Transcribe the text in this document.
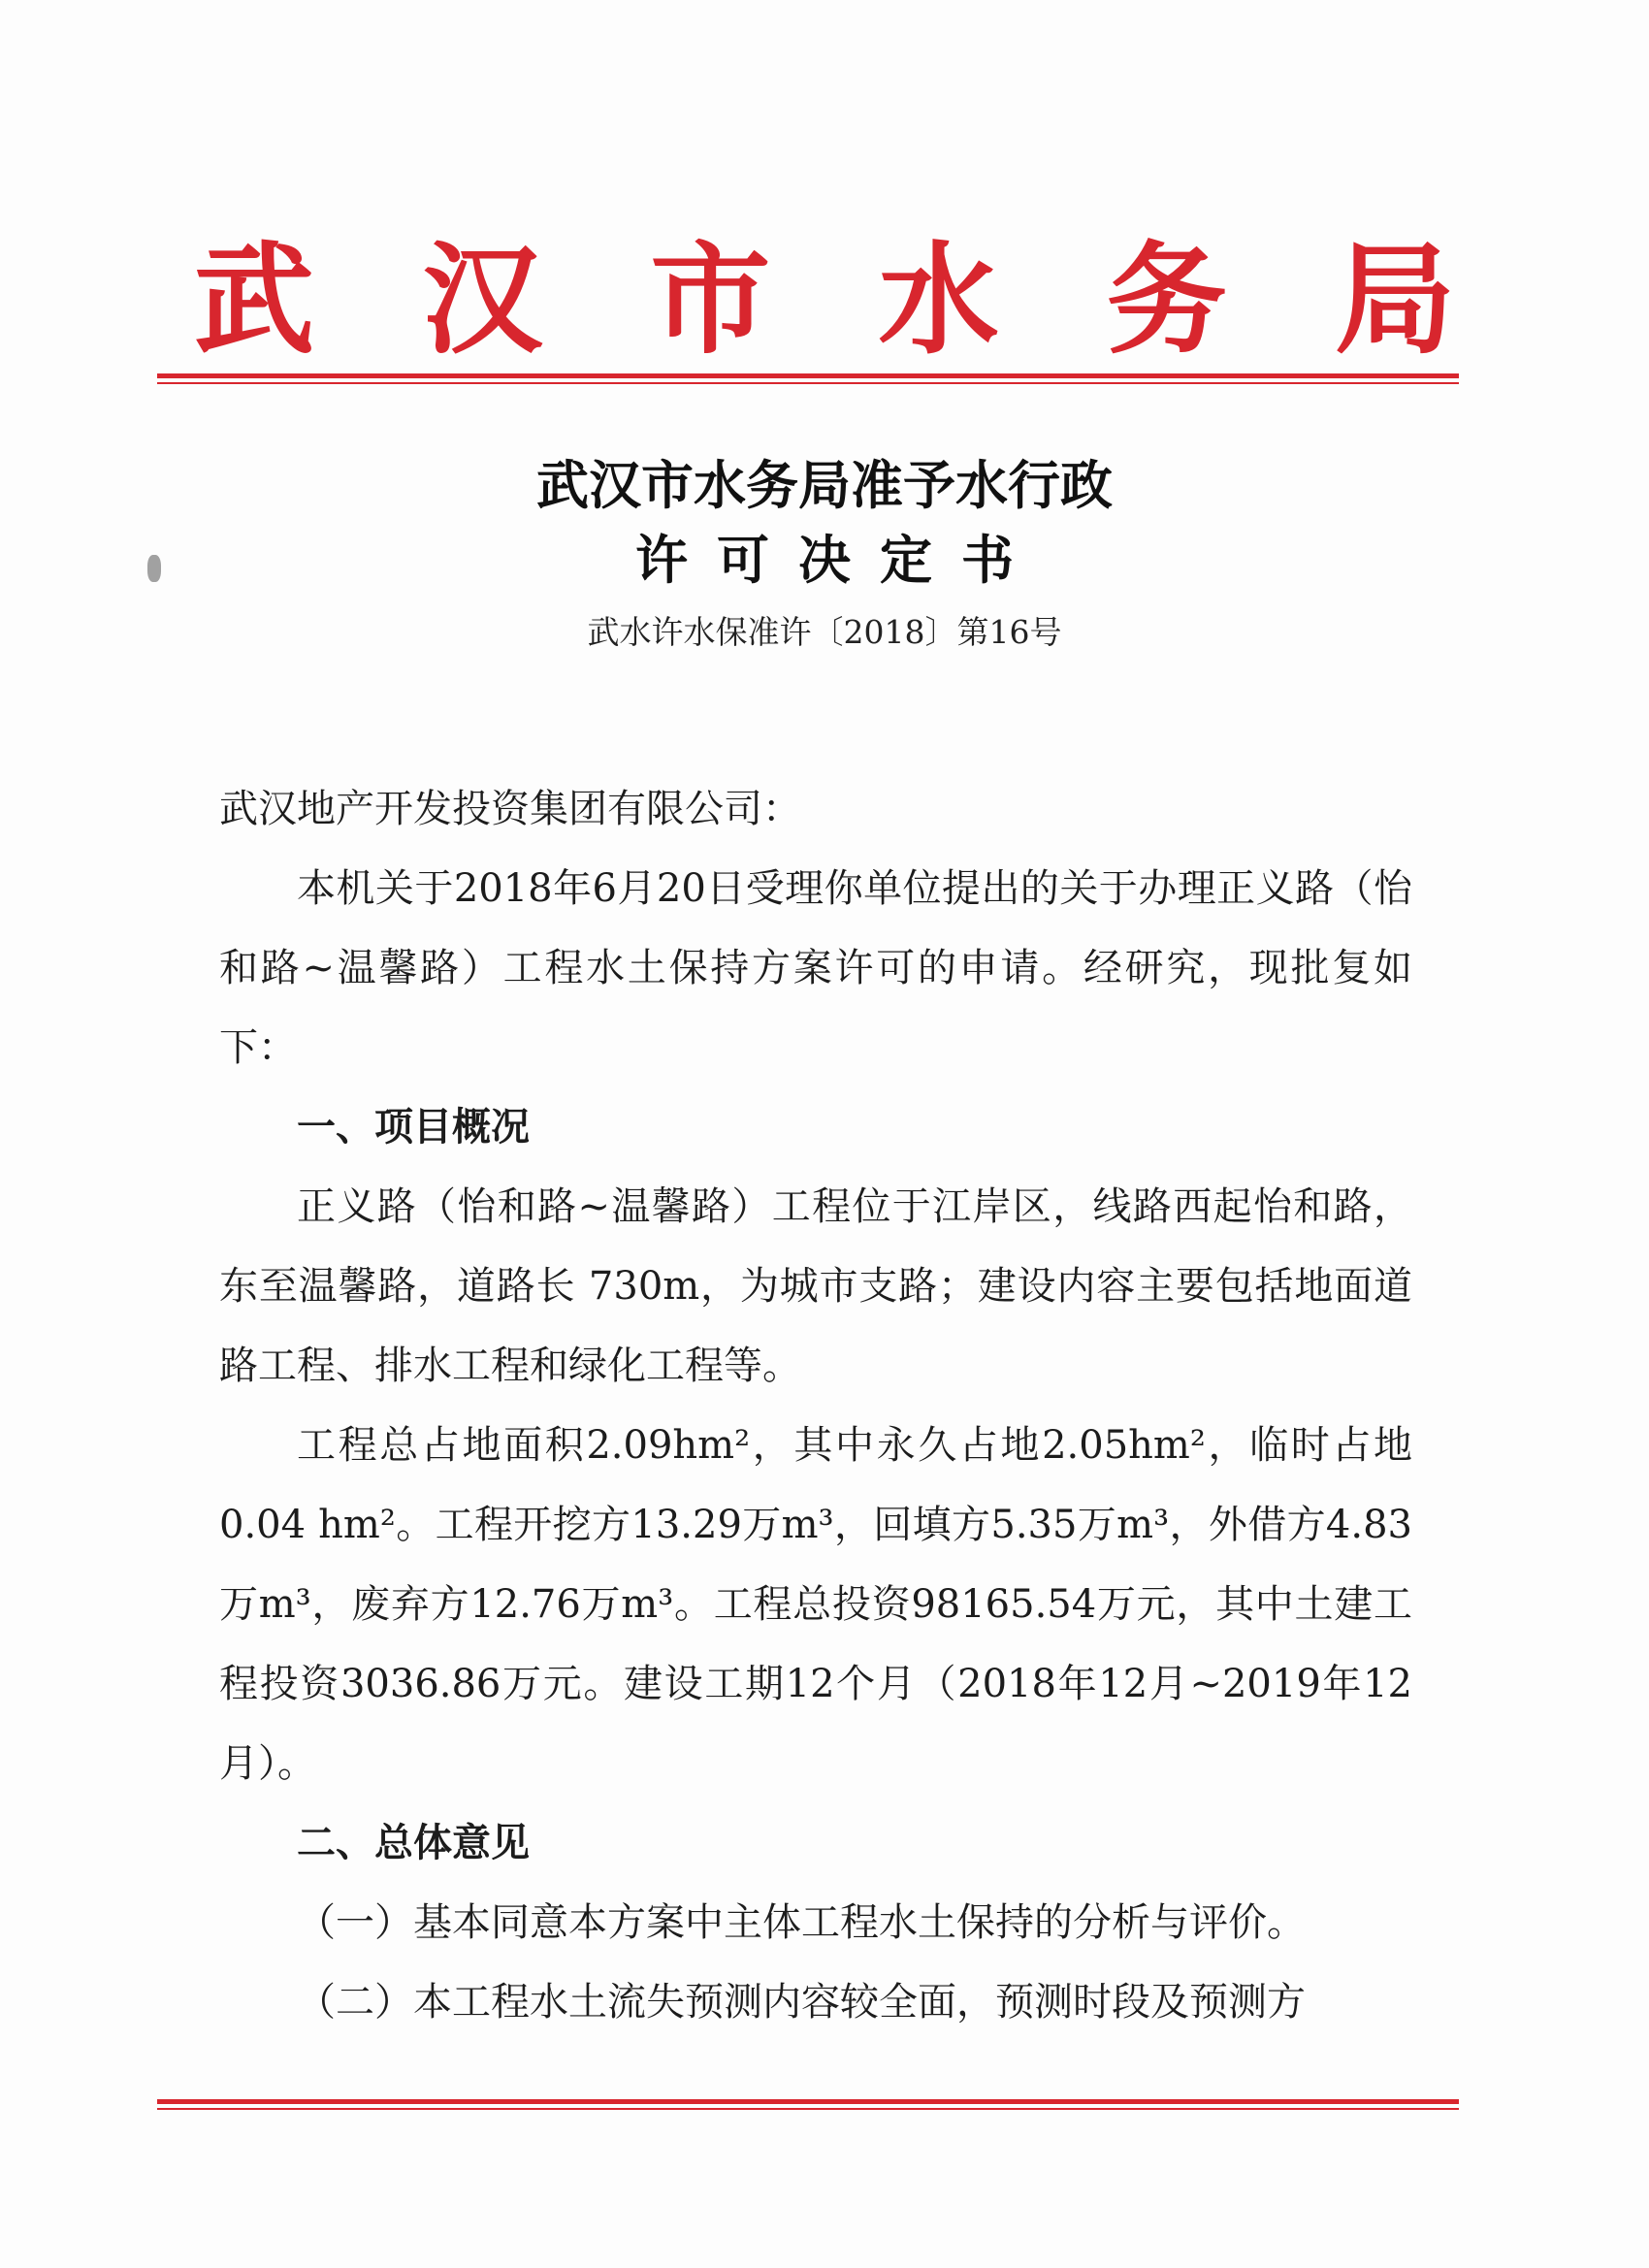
武 汉 市 水 务 局
武汉市水务局准予水行政
许可决定书
武水许水保准许〔2018〕第16号

武汉地产开发投资集团有限公司：

本机关于2018年6月20日受理你单位提出的关于办理正义路（怡和路~温馨路）工程水土保持方案许可的申请。经研究，现批复如下：

一、项目概况

正义路（怡和路~温馨路）工程位于江岸区，线路西起怡和路，东至温馨路，道路长 730m，为城市支路；建设内容主要包括地面道路工程、排水工程和绿化工程等。

工程总占地面积2.09hm²，其中永久占地2.05hm²，临时占地0.04 hm²。工程开挖方13.29万m³，回填方5.35万m³，外借方4.83万m³，废弃方12.76万m³。工程总投资98165.54万元，其中土建工程投资3036.86万元。建设工期12个月（2018年12月~2019年12月）。

二、总体意见

（一）基本同意本方案中主体工程水土保持的分析与评价。

（二）本工程水土流失预测内容较全面，预测时段及预测方
